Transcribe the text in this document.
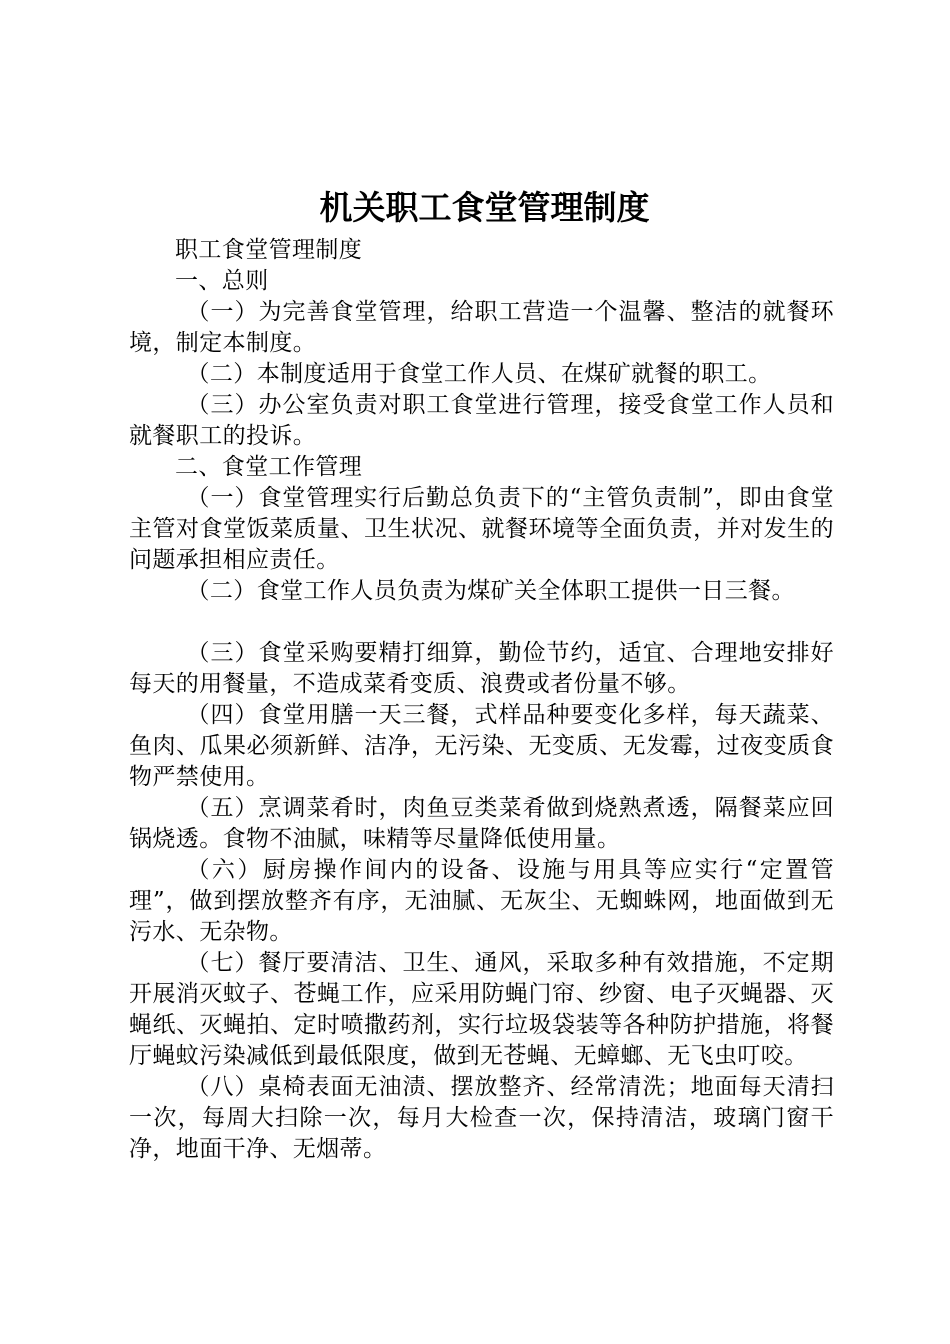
机关职工食堂管理制度

职工食堂管理制度

一、总则

（一）为完善食堂管理，给职工营造一个温馨、整洁的就餐环境，制定本制度。

（二）本制度适用于食堂工作人员、在煤矿就餐的职工。

（三）办公室负责对职工食堂进行管理，接受食堂工作人员和就餐职工的投诉。

二、食堂工作管理

（一）食堂管理实行后勤总负责下的“主管负责制”，即由食堂主管对食堂饭菜质量、卫生状况、就餐环境等全面负责，并对发生的问题承担相应责任。

（二）食堂工作人员负责为煤矿关全体职工提供一日三餐。

（三）食堂采购要精打细算，勤俭节约，适宜、合理地安排好每天的用餐量，不造成菜肴变质、浪费或者份量不够。

（四）食堂用膳一天三餐，式样品种要变化多样，每天蔬菜、鱼肉、瓜果必须新鲜、洁净，无污染、无变质、无发霉，过夜变质食物严禁使用。

（五）烹调菜肴时，肉鱼豆类菜肴做到烧熟煮透，隔餐菜应回锅烧透。食物不油腻，味精等尽量降低使用量。

（六）厨房操作间内的设备、设施与用具等应实行“定置管理”，做到摆放整齐有序，无油腻、无灰尘、无蜘蛛网，地面做到无污水、无杂物。

（七）餐厅要清洁、卫生、通风，采取多种有效措施，不定期开展消灭蚊子、苍蝇工作，应采用防蝇门帘、纱窗、电子灭蝇器、灭蝇纸、灭蝇拍、定时喷撒药剂，实行垃圾袋装等各种防护措施，将餐厅蝇蚊污染减低到最低限度，做到无苍蝇、无蟑螂、无飞虫叮咬。

（八）桌椅表面无油渍、摆放整齐、经常清洗；地面每天清扫一次，每周大扫除一次，每月大检查一次，保持清洁，玻璃门窗干净，地面干净、无烟蒂。
